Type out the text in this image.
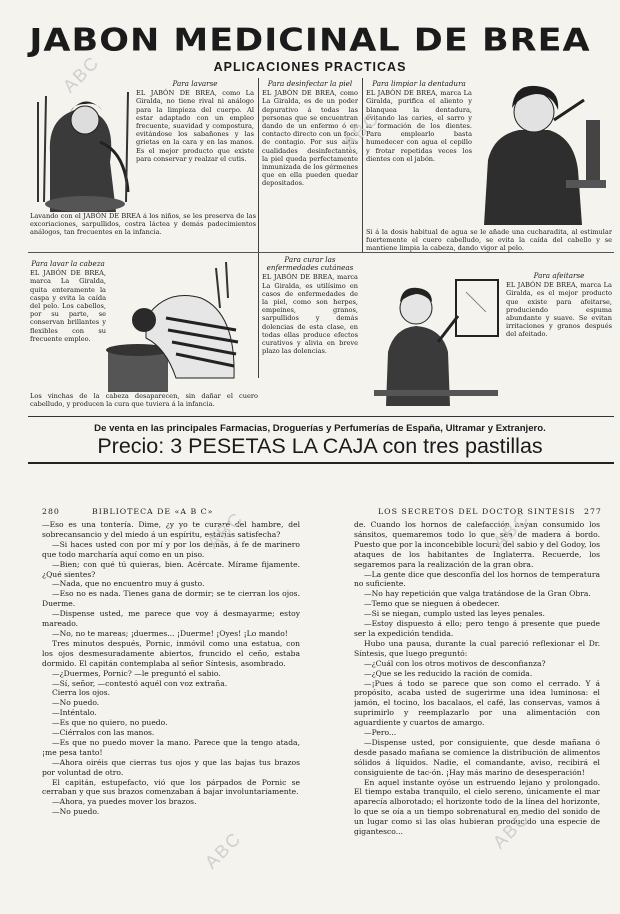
JABON MEDICINAL DE BREA
APLICACIONES PRACTICAS
Para lavarse
EL JABÓN DE BREA, como La Giralda, no tiene rival ni análogo para la limpieza del cuerpo. Al estar adaptado con un empleo frecuente, suavidad y compostura, evitándose los sabañones y las grietas en la cara y en las manos. Es el mejor producto que existe para conservar y realzar el cutis.
Lavando con el JABÓN DE BREA á los niños, se les preserva de las excoriaciones, sarpullidos, costra láctea y demás padecimientos análogos, tan frecuentes en la infancia.
Para desinfectar la piel
EL JABÓN DE BREA, como La Giralda, es de un poder depurativo á todas las personas que se encuentran dando de un enfermo ó en contacto directo con un foco de contagio. Por sus altas cualidades desinfectantes, la piel queda perfectamente inmunizada de los gérmenes que en ella pueden quedar depositados.
Para limpiar la dentadura
EL JABÓN DE BREA, marca La Giralda, purifica el aliento y blanquea la dentadura, evitando las caries, el sarro y la formación de los dientes. Para emplearlo basta humedecer con agua el cepillo y frotar repetidas veces los dientes con el jabón.
Si á la dosis habitual de agua se le añade una cucharadita, al estimular fuertemente el cuero cabelludo, se evita la caída del cabello y se mantiene limpia la cabeza, dando vigor al pelo.
Para lavar la cabeza
EL JABÓN DE BREA, marca La Giralda, quita enteramente la caspa y evita la caída del pelo. Los cabellos, por su parte, se conservan brillantes y flexibles con su frecuente empleo.
Los vinchas de la cabeza desaparecen, sin dañar el cuero cabelludo, y producen la cura que tuviera á la infancia.
Para curar las enfermedades cutáneas
EL JABÓN DE BREA, marca La Giralda, es utilísimo en casos de enfermedades de la piel, como son herpes, empeines, granos, sarpullidos y demás dolencias de esta clase, en todas ellas produce efectos curativos y alivia en breve plazo las dolencias.
Para afeitarse
EL JABÓN DE BREA, marca La Giralda, es el mejor producto que existe para afeitarse, produciendo espuma abundante y suave. Se evitan irritaciones y granos después del afeitado.
De venta en las principales Farmacias, Droguerías y Perfumerías de España, Ultramar y Extranjero.
Precio: 3 PESETAS LA CAJA con tres pastillas
280	BIBLIOTECA DE «A B C»	LOS SECRETOS DEL DOCTOR SINTESIS 277

—Eso es una tontería. Dime, ¿y yo te curaré del hambre, del sobrecansancio y del miedo á un espíritu, estarías satisfecha?

—Si haces usted con por mí y por los demás, á fe de marinero que todo marcharía aquí como en un piso.

—Bien; con qué tú quieras, bien. Acércate. Mírame fijamente. ¿Qué sientes?

—Nada, que no encuentro muy á gusto.

—Eso no es nada. Tienes gana de dormir; se te cierran los ojos. Duerme.

—Dispense usted, me parece que voy á desmayarme; estoy mareado.

—No, no te mareas; ¡duermes... ¡Duerme! ¡Oyes! ¡Lo mando!

Tres minutos después, Pornic, inmóvil como una estatua, con los ojos desmesuradamente abiertos, fruncido el ceño, estaba dormido. El capitán contemplaba al señor Síntesis, asombrado.

—¿Duermes, Pornic? —le preguntó el sabio.

—Sí, señor, —contestó aquél con voz extraña.

Cierra los ojos.

—No puedo.

—Inténtalo.

—Es que no quiero, no puedo.

—Ciérralos con las manos.

—Es que no puedo mover la mano. Parece que la tengo atada, ¡me pesa tanto!

—Ahora oiréis que cierras tus ojos y que las bajas tus brazos por voluntad de otro.

El capitán, estupefacto, vió que los párpados de Pornic se cerraban y que sus brazos comenzaban á bajar involuntariamente.

—Ahora, ya puedes mover los brazos.

—No puedo.

de. Cuando los hornos de calefacción hayan consumido los sánsitos, quemaremos todo lo que sea de madera á bordo. Puesto que por la inconcebible locura del sabio y del Godoy, los ataques de los habitantes de Inglaterra. Recuerde, los segaremos para la realización de la gran obra.

—La gente dice que desconfía del los hornos de temperatura no suficiente.

—No hay repetición que valga tratándose de la Gran Obra.

—Temo que se nieguen á obedecer.

—Si se niegan, cumplo usted las leyes penales.

—Estoy dispuesto á ello; pero tengo á presente que puede ser la expedición tendida.

Hubo una pausa, durante la cual pareció reflexionar el Dr. Síntesis, que luego preguntó:

—¿Cuál con los otros motivos de desconfianza?

—¿Que se les reducido la ración de comida.

—¡Pues á todo se parece que son como el cerrado. Y á propósito, acaba usted de sugerirme una idea luminosa: el jamón, el tocino, los bacalaos, el café, las conservas, vamos á suprimirlo y reemplazarlo por una alimentación con aguardiente y cuartos de amargo.

—Pero...

—Dispense usted, por consiguiente, que desde mañana ó desde pasado mañana se comience la distribución de alimentos sólidos á líquidos. Nadie, el comandante, aviso, recibirá el consiguiente de tac-ón. ¡Hay más marino de desesperación!

En aquel instante oyóse un estruendo lejano y prolongado. El tiempo estaba tranquilo, el cielo sereno, únicamente el mar aparecía alborotado; el horizonte todo de la línea del horizonte, lo que se oía a un tiempo sobrenatural en medio del sonido de un lugar como si las olas hubieran producido una especie de gigantesco...

ABC
ABC
ABC	ABC
ABC	ABC
